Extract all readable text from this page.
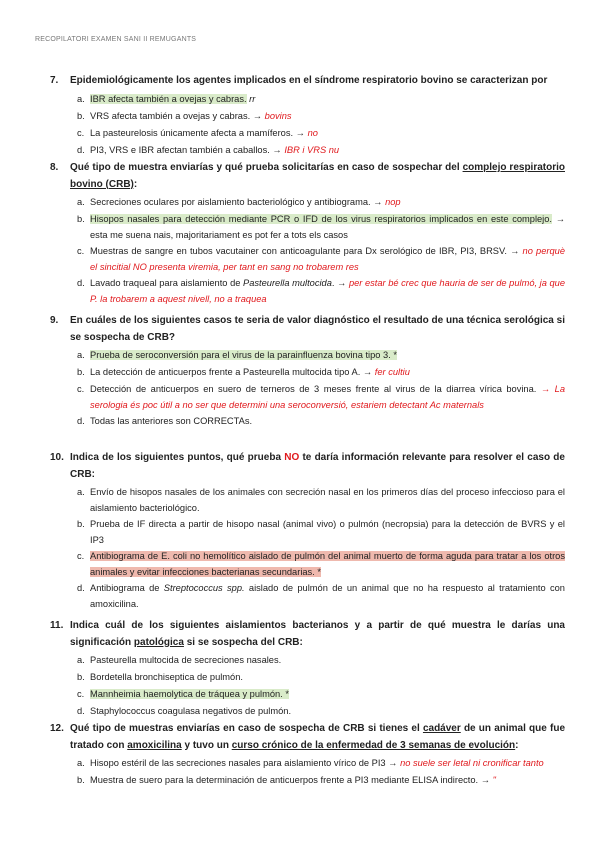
RECOPILATORI EXAMEN SANI II REMUGANTS
7. Epidemiológicamente los agentes implicados en el síndrome respiratorio bovino se caracterizan por
a. IBR afecta también a ovejas y cabras. rr
b. VRS afecta también a ovejas y cabras. → bovins
c. La pasteurelosis únicamente afecta a mamíferos. → no
d. PI3, VRS e IBR afectan también a caballos. → IBR i VRS nu
8. Qué tipo de muestra enviarías y qué prueba solicitarías en caso de sospechar del complejo respiratorio bovino (CRB):
a. Secreciones oculares por aislamiento bacteriológico y antibiograma. → nop
b. Hisopos nasales para detección mediante PCR o IFD de los virus respiratorios implicados en este complejo. → esta me suena nais, majoritariament es pot fer a tots els casos
c. Muestras de sangre en tubos vacutainer con anticoagulante para Dx serológico de IBR, PI3, BRSV. → no perquè el sincitial NO presenta viremia, per tant en sang no trobarem res
d. Lavado traqueal para aislamiento de Pasteurella multocida. → per estar bé crec que hauria de ser de pulmó, ja que P. la trobarem a aquest nivell, no a traquea
9. En cuáles de los siguientes casos te seria de valor diagnóstico el resultado de una técnica serológica si se sospecha de CRB?
a. Prueba de seroconversión para el virus de la parainfluenza bovina tipo 3. *
b. La detección de anticuerpos frente a Pasteurella multocida tipo A. → fer cultiu
c. Detección de anticuerpos en suero de terneros de 3 meses frente al virus de la diarrea vírica bovina. → La serologia és poc útil a no ser que determini una seroconversió, estariem detectant Ac maternals
d. Todas las anteriores son CORRECTAs.
10. Indica de los siguientes puntos, qué prueba NO te daría información relevante para resolver el caso de CRB:
a. Envío de hisopos nasales de los animales con secreción nasal en los primeros días del proceso infeccioso para el aislamiento bacteriológico.
b. Prueba de IF directa a partir de hisopo nasal (animal vivo) o pulmón (necropsia) para la detección de BVRS y el IP3
c. Antibiograma de E. coli no hemolítico aislado de pulmón del animal muerto de forma aguda para tratar a los otros animales y evitar infecciones bacterianas secundarias. *
d. Antibiograma de Streptococcus spp. aislado de pulmón de un animal que no ha respuesto al tratamiento con amoxicilina.
11. Indica cuál de los siguientes aislamientos bacterianos y a partir de qué muestra le darías una significación patológica si se sospecha del CRB:
a. Pasteurella multocida de secreciones nasales.
b. Bordetella bronchiseptica de pulmón.
c. Mannheimia haemolytica de tráquea y pulmón. *
d. Staphylococcus coagulasa negativos de pulmón.
12. Qué tipo de muestras enviarías en caso de sospecha de CRB si tienes el cadáver de un animal que fue tratado con amoxicilina y tuvo un curso crónico de la enfermedad de 3 semanas de evolución:
a. Hisopo estéril de las secreciones nasales para aislamiento vírico de PI3 → no suele ser letal ni cronificar tanto
b. Muestra de suero para la determinación de anticuerpos frente a PI3 mediante ELISA indirecto. → "
